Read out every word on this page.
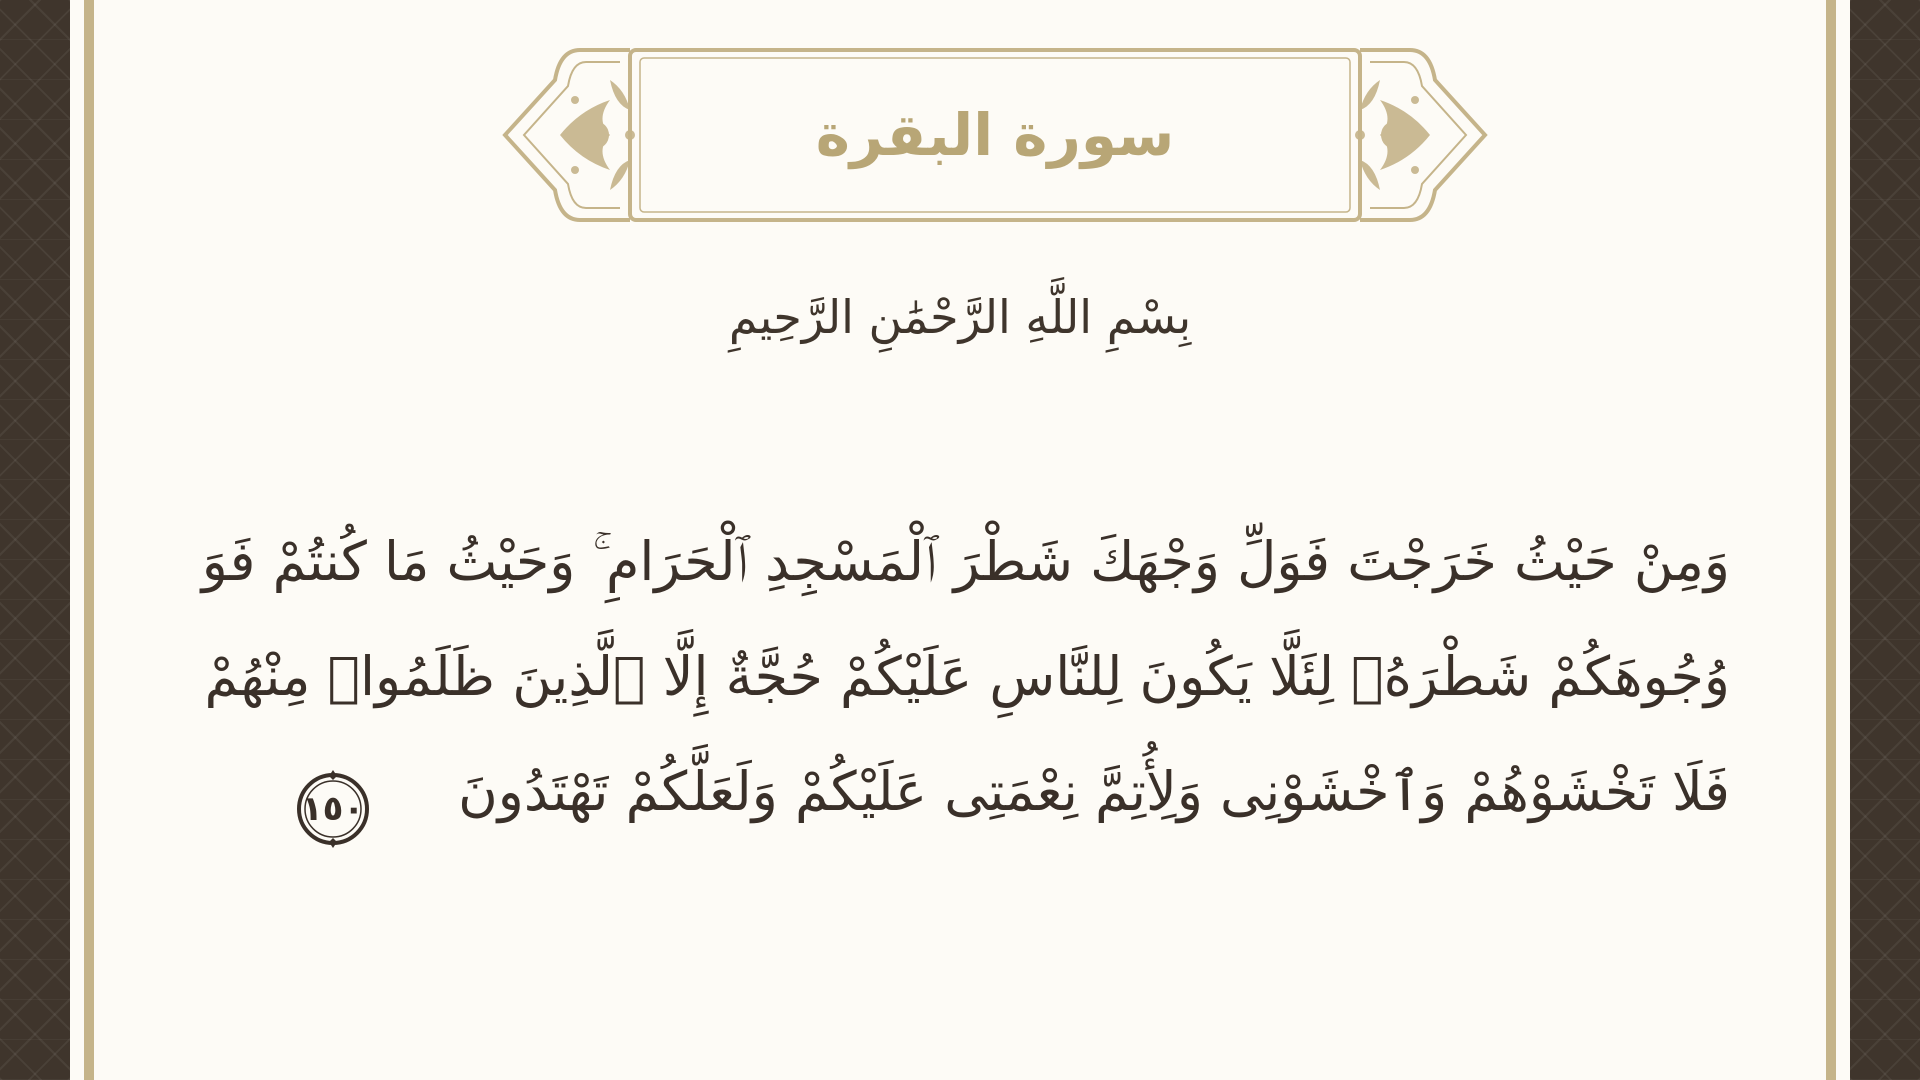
سورة البقرة
بِسْمِ اللَّهِ الرَّحْمَٰنِ الرَّحِيمِ
وَمِنْ حَيْثُ خَرَجْتَ فَوَلِّ وَجْهَكَ شَطْرَ ٱلْمَسْجِدِ ٱلْحَرَامِ ۚ وَحَيْثُ مَا كُنتُمْ فَوَ
وُجُوهَكُمْ شَطْرَهُۥ لِئَلَّا يَكُونَ لِلنَّاسِ عَلَيْكُمْ حُجَّةٌ إِلَّا ٱلَّذِينَ ظَلَمُوا۟ مِنْهُمْ
فَلَا تَخْشَوْهُمْ وَٱخْشَوْنِى وَلِأُتِمَّ نِعْمَتِى عَلَيْكُمْ وَلَعَلَّكُمْ تَهْتَدُونَ
١٥٠
